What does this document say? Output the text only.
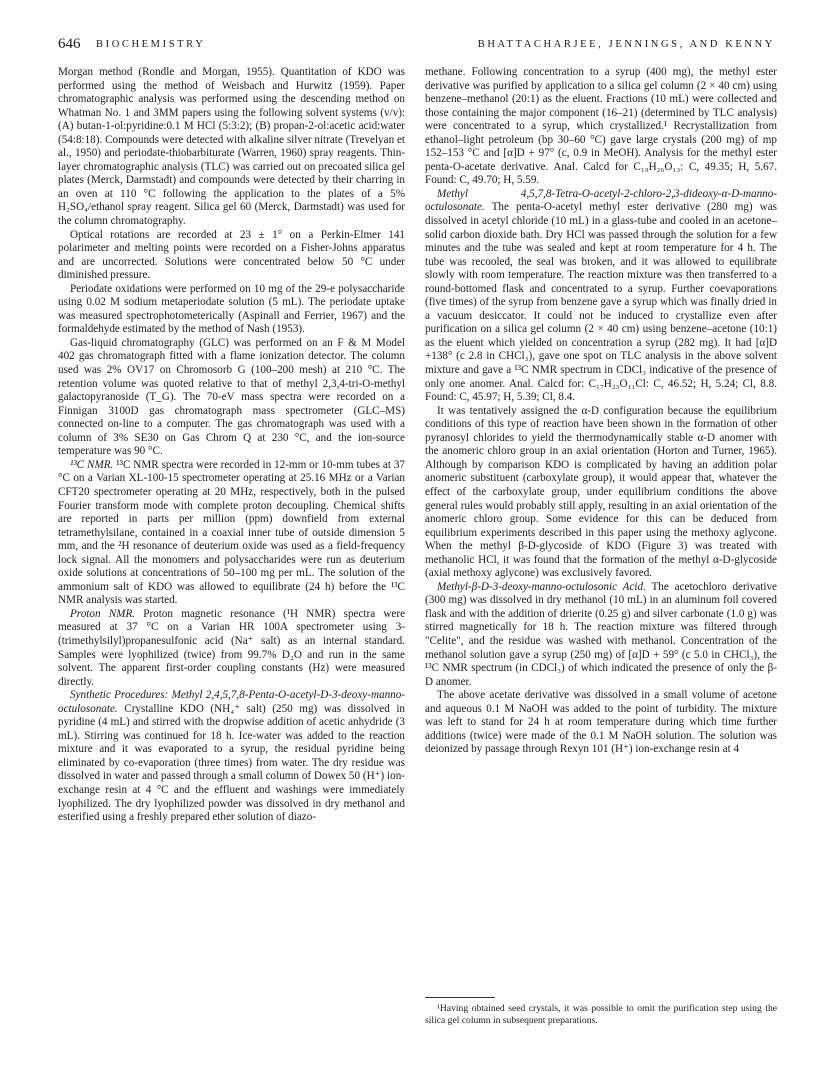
646 BIOCHEMISTRY	BHATTACHARJEE, JENNINGS, AND KENNY

Morgan method (Rondle and Morgan, 1955). Quantitation of KDO was performed using the method of Weisbach and Hurwitz (1959). Paper chromatographic analysis was performed using the descending method on Whatman No. 1 and 3MM papers using the following solvent systems (v/v): (A) butan-1-ol:pyridine:0.1 M HCl (5:3:2); (B) propan-2-ol:acetic acid:water (54:8:18). Compounds were detected with alkaline silver nitrate (Trevelyan et al., 1950) and periodate-thiobarbiturate (Warren, 1960) spray reagents. Thin-layer chromatographic analysis (TLC) was carried out on precoated silica gel plates (Merck, Darmstadt) and compounds were detected by their charring in an oven at 110 °C following the application to the plates of a 5% H₂SO₄/ethanol spray reagent. Silica gel 60 (Merck, Darmstadt) was used for the column chromatography.

Optical rotations are recorded at 23 ± 1° on a Perkin-Elmer 141 polarimeter and melting points were recorded on a Fisher-Johns apparatus and are uncorrected. Solutions were concentrated below 50 °C under diminished pressure.

Periodate oxidations were performed on 10 mg of the 29-e polysaccharide using 0.02 M sodium metaperiodate solution (5 mL). The periodate uptake was measured spectrophotometerically (Aspinall and Ferrier, 1967) and the formaldehyde estimated by the method of Nash (1953).

Gas-liquid chromatography (GLC) was performed on an F & M Model 402 gas chromatograph fitted with a flame ionization detector. The column used was 2% OV17 on Chromosorb G (100–200 mesh) at 210 °C. The retention volume was quoted relative to that of methyl 2,3,4-tri-O-methyl galactopyranoside (T_G). The 70-eV mass spectra were recorded on a Finnigan 3100D gas chromatograph mass spectrometer (GLC–MS) connected on-line to a computer. The gas chromatograph was used with a column of 3% SE30 on Gas Chrom Q at 230 °C, and the ion-source temperature was 90 °C.

¹³C NMR. ¹³C NMR spectra were recorded in 12-mm or 10-mm tubes at 37 °C on a Varian XL-100-15 spectrometer operating at 25.16 MHz or a Varian CFT20 spectrometer operating at 20 MHz, respectively, both in the pulsed Fourier transform mode with complete proton decoupling. Chemical shifts are reported in parts per million (ppm) downfield from external tetramethylsilane, contained in a coaxial inner tube of outside dimension 5 mm, and the ²H resonance of deuterium oxide was used as a field-frequency lock signal. All the monomers and polysaccharides were run as deuterium oxide solutions at concentrations of 50–100 mg per mL. The solution of the ammonium salt of KDO was allowed to equilibrate (24 h) before the ¹³C NMR analysis was started.

Proton NMR. Proton magnetic resonance (¹H NMR) spectra were measured at 37 °C on a Varian HR 100A spectrometer using 3-(trimethylsilyl)propanesulfonic acid (Na⁺ salt) as an internal standard. Samples were lyophilized (twice) from 99.7% D₂O and run in the same solvent. The apparent first-order coupling constants (Hz) were measured directly.

Synthetic Procedures: Methyl 2,4,5,7,8-Penta-O-acetyl-D-3-deoxy-manno-octulosonate. Crystalline KDO (NH₄⁺ salt) (250 mg) was dissolved in pyridine (4 mL) and stirred with the dropwise addition of acetic anhydride (3 mL). Stirring was continued for 18 h. Ice-water was added to the reaction mixture and it was evaporated to a syrup, the residual pyridine being eliminated by co-evaporation (three times) from water. The dry residue was dissolved in water and passed through a small column of Dowex 50 (H⁺) ion-exchange resin at 4 °C and the effluent and washings were immediately lyophilized. The dry lyophilized powder was dissolved in dry methanol and esterified using a freshly prepared ether solution of diazo-

methane. Following concentration to a syrup (400 mg), the methyl ester derivative was purified by application to a silica gel column (2 × 40 cm) using benzene–methanol (20:1) as the eluent. Fractions (10 mL) were collected and those containing the major component (16–21) (determined by TLC analysis) were concentrated to a syrup, which crystallized.¹ Recrystallization from ethanol–light petroleum (bp 30–60 °C) gave large crystals (200 mg) of mp 152–153 °C and [α]D + 97° (c, 0.9 in MeOH). Analysis for the methyl ester penta-O-acetate derivative. Anal. Calcd for C₁₉H₂₆O₁₃: C, 49.35; H, 5.67. Found: C, 49.70; H, 5.59.

Methyl 4,5,7,8-Tetra-O-acetyl-2-chloro-2,3-dideoxy-α-D-manno-octulosonate. The penta-O-acetyl methyl ester derivative (280 mg) was dissolved in acetyl chloride (10 mL) in a glass-tube and cooled in an acetone–solid carbon dioxide bath. Dry HCl was passed through the solution for a few minutes and the tube was sealed and kept at room temperature for 4 h. The tube was recooled, the seal was broken, and it was allowed to equilibrate slowly with room temperature. The reaction mixture was then transferred to a round-bottomed flask and concentrated to a syrup. Further coevaporations (five times) of the syrup from benzene gave a syrup which was finally dried in a vacuum desiccator. It could not be induced to crystallize even after purification on a silica gel column (2 × 40 cm) using benzene–acetone (10:1) as the eluent which yielded on concentration a syrup (282 mg). It had [α]D +138° (c 2.8 in CHCl₃), gave one spot on TLC analysis in the above solvent mixture and gave a ¹³C NMR spectrum in CDCl₃ indicative of the presence of only one anomer. Anal. Calcd for: C₁₇H₂₃O₁₁Cl: C, 46.52; H, 5.24; Cl, 8.8. Found: C, 45.97; H, 5.39; Cl, 8.4.

It was tentatively assigned the α-D configuration because the equilibrium conditions of this type of reaction have been shown in the formation of other pyranosyl chlorides to yield the thermodynamically stable α-D anomer with the anomeric chloro group in an axial orientation (Horton and Turner, 1965). Although by comparison KDO is complicated by having an addition polar anomeric substituent (carboxylate group), it would appear that, whatever the effect of the carboxylate group, under equilibrium conditions the above general rules would probably still apply, resulting in an axial orientation of the anomeric chloro group. Some evidence for this can be deduced from equilibrium experiments described in this paper using the methoxy aglycone. When the methyl β-D-glycoside of KDO (Figure 3) was treated with methanolic HCl, it was found that the formation of the methyl α-D-glycoside (axial methoxy aglycone) was exclusively favored.

Methyl-β-D-3-deoxy-manno-octulosonic Acid. The acetochloro derivative (300 mg) was dissolved in dry methanol (10 mL) in an aluminum foil covered flask and with the addition of drierite (0.25 g) and silver carbonate (1.0 g) was stirred magnetically for 18 h. The reaction mixture was filtered through "Celite", and the residue was washed with methanol. Concentration of the methanol solution gave a syrup (250 mg) of [α]D + 59° (c 5.0 in CHCl₃), the ¹³C NMR spectrum (in CDCl₃) of which indicated the presence of only the β-D anomer.

The above acetate derivative was dissolved in a small volume of acetone and aqueous 0.1 M NaOH was added to the point of turbidity. The mixture was left to stand for 24 h at room temperature during which time further additions (twice) were made of the 0.1 M NaOH solution. The solution was deionized by passage through Rexyn 101 (H⁺) ion-exchange resin at 4

¹Having obtained seed crystals, it was possible to omit the purification step using the silica gel column in subsequent preparations.
